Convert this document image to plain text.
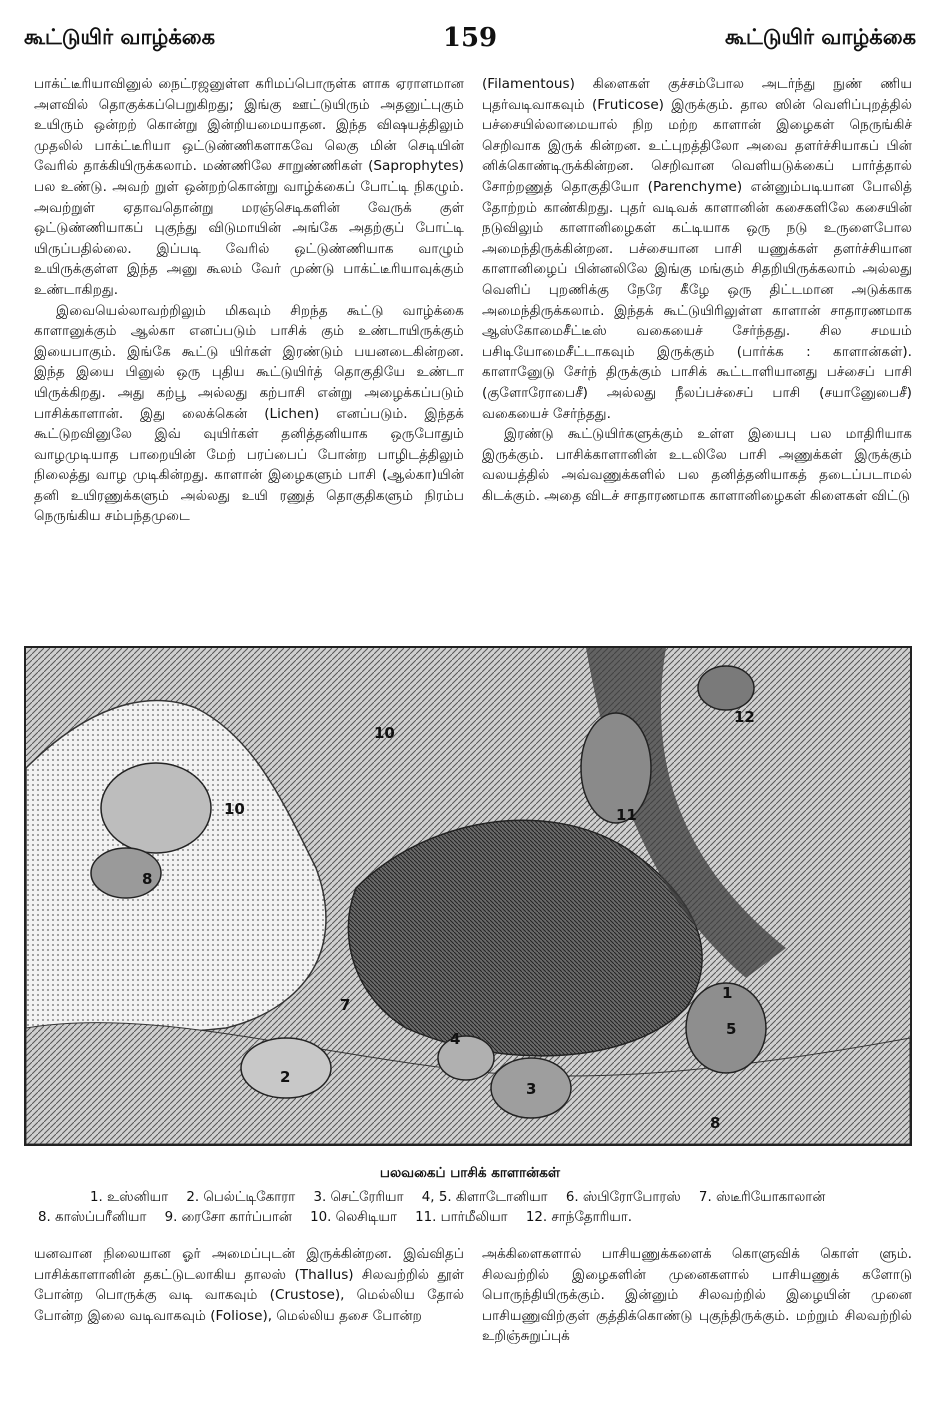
கூட்டுயிர் வாழ்க்கை	159	கூட்டுயிர் வாழ்க்கை

பாக்ட்டீரியாவினுல் நைட்ரஜனுள்ள கரிமப்பொருள்க ளாக ஏராளமான அளவில் தொகுக்கப்பெறுகிறது; இங்கு ஊட்டுயிரும் அதனுட்புகும் உயிரும் ஒன்றற் கொன்று இன்றியமையாதன. இந்த விஷயத்திலும் முதலில் பாக்ட்டீரியா ஒட்டுண்ணிகளாகவே லெகு மின் செடியின் வேரில் தாக்கியிருக்கலாம். மண்ணிலே சாறுண்ணிகள் (Saprophytes) பல உண்டு. அவற் றுள் ஒன்றற்கொன்று வாழ்க்கைப் போட்டி நிகழும். அவற்றுள் ஏதாவதொன்று மரஞ்செடிகளின் வேருக் குள் ஒட்டுண்ணியாகப் புகுந்து விடுமாயின் அங்கே அதற்குப் போட்டி யிருப்பதில்லை. இப்படி வேரில் ஒட்டுண்ணியாக வாழும் உயிருக்குள்ள இந்த அனு கூலம் வேர் முண்டு பாக்ட்டீரியாவுக்கும் உண்டாகிறது.

இவையெல்லாவற்றிலும் மிகவும் சிறந்த கூட்டு வாழ்க்கை காளானுக்கும் ஆல்கா எனப்படும் பாசிக் கும் உண்டாயிருக்கும் இயைபாகும். இங்கே கூட்டு யிர்கள் இரண்டும் பயனடைகின்றன. இந்த இயை பினுல் ஒரு புதிய கூட்டுயிர்த் தொகுதியே உண்டா யிருக்கிறது. அது கற்பூ அல்லது கற்பாசி என்று அழைக்கப்படும் பாசிக்காளான். இது லைக்கென் (Lichen) எனப்படும். இந்தக் கூட்டுறவினுலே இவ் வுயிர்கள் தனித்தனியாக ஒருபோதும் வாழமுடியாத பாறையின் மேற் பரப்பைப் போன்ற பாழிடத்திலும் நிலைத்து வாழ முடிகின்றது. காளான் இழைகளும் பாசி (ஆல்கா)யின் தனி உயிரணுக்களும் அல்லது உயி ரணுத் தொகுதிகளும் நிரம்ப நெருங்கிய சம்பந்தமுடை

(Filamentous) கிளைகள் குச்சம்போல அடர்ந்து நுண் ணிய புதர்வடிவாகவும் (Fruticose) இருக்கும். தால ஸின் வெளிப்புறத்தில் பச்சையில்லாமையால் நிற மற்ற காளான் இழைகள் நெருங்கிச் செறிவாக இருக் கின்றன. உட்புறத்திலோ அவை தளர்ச்சியாகப் பின் னிக்கொண்டிருக்கின்றன. செறிவான வெளியடுக்கைப் பார்த்தால் சோற்றணுத் தொகுதியோ (Parenchyme) என்னும்படியான போலித் தோற்றம் காண்கிறது. புதர் வடிவக் காளானின் கசைகளிலே கசையின் நடுவிலும் காளானிழைகள் கட்டியாக ஒரு நடு உருளைபோல அமைந்திருக்கின்றன. பச்சையான பாசி யணுக்கள் தளர்ச்சியான காளானிழைப் பின்னலிலே இங்கு மங்கும் சிதறியிருக்கலாம் அல்லது வெளிப் புறணிக்கு நேரே கீழே ஒரு திட்டமான அடுக்காக அமைந்திருக்கலாம். இந்தக் கூட்டுயிரிலுள்ள காளான் சாதாரணமாக ஆஸ்கோமைசீட்டீஸ் வகையைச் சேர்ந்தது. சில சமயம் பசிடியோமைசீட்டாகவும் இருக்கும் (பார்க்க : காளான்கள்). காளானுேடு சேர்ந் திருக்கும் பாசிக் கூட்டாளியானது பச்சைப் பாசி (குளோரோபைசீ) அல்லது நீலப்பச்சைப் பாசி (சயானுேபைசீ) வகையைச் சேர்ந்தது.

இரண்டு கூட்டுயிர்களுக்கும் உள்ள இயைபு பல மாதிரியாக இருக்கும். பாசிக்காளானின் உடலிலே பாசி அணுக்கள் இருக்கும் வலயத்தில் அவ்வணுக்களில் பல தனித்தனியாகத் தடைப்படாமல் கிடக்கும். அதை விடச் சாதாரணமாக காளானிழைகள் கிளைகள் விட்டு

10
10
8
11
12
1
5
2
3
4
7
8
பலவகைப் பாசிக் காளான்கள்
1. உஸ்னியா 2. பெல்ட்டிகோரா 3. செட்ரேரியா 4, 5. கிளாடோனியா 6. ஸ்பிரோபோரஸ் 7. ஸ்டீரியோகாலான்
8. காஸ்ப்பரீனியா 9. ரைசோ கார்ப்பான் 10. லெசிடியா 11. பார்மீலியா 12. சாந்தோரியா.

யனவான நிலையான ஓர் அமைப்புடன் இருக்கின்றன. இவ்விதப் பாசிக்காளானின் தகட்டுடலாகிய தாலஸ் (Thallus) சிலவற்றில் தூள் போன்ற பொருக்கு வடி வாகவும் (Crustose), மெல்லிய தோல் போன்ற இலை வடிவாகவும் (Foliose), மெல்லிய தசை போன்ற

அக்கிளைகளால் பாசியணுக்களைக் கொளுவிக் கொள் ளும். சிலவற்றில் இழைகளின் முனைகளால் பாசியணுக் களோடு பொருந்தியிருக்கும். இன்னும் சிலவற்றில் இழையின் முனை பாசியணுவிற்குள் குத்திக்கொண்டு புகுந்திருக்கும். மற்றும் சிலவற்றில் உறிஞ்சுறுப்புக்
